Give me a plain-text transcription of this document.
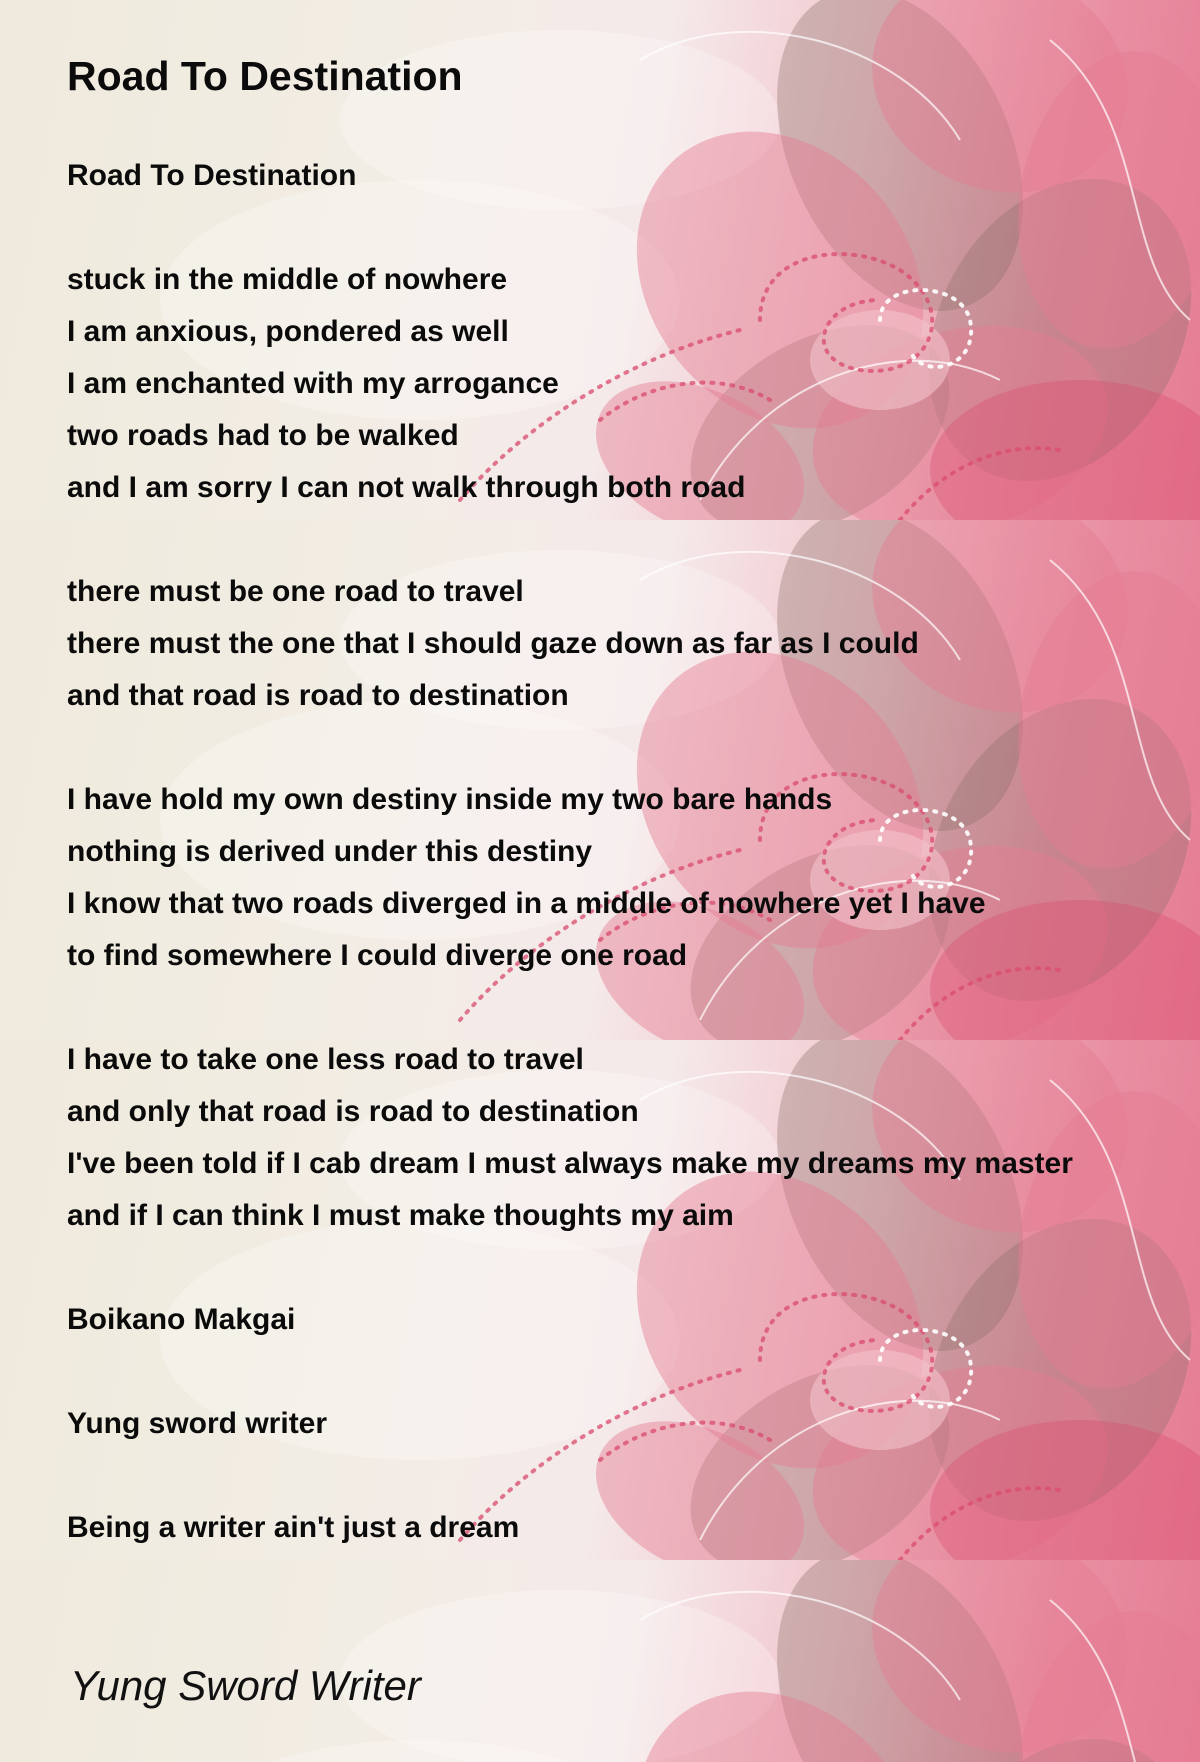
Road To Destination

Road To Destination

stuck in the middle of nowhere
I am anxious, pondered as well
I am enchanted with my arrogance
two roads had to be walked
and I am sorry I can not walk through both road

there must be one road to travel
there must the one that I should gaze down as far as I could
and that road is road to destination

I have hold my own destiny inside my two bare hands
nothing is derived under this destiny
I know that two roads diverged in a middle of nowhere yet I have
to find somewhere I could diverge one road

I have to take one less road to travel
and only that road is road to destination
I've been told if I cab dream I must always make my dreams my master
and if I can think I must make thoughts my aim

Boikano Makgai

Yung sword writer

Being a writer ain't just a dream

Yung Sword Writer
